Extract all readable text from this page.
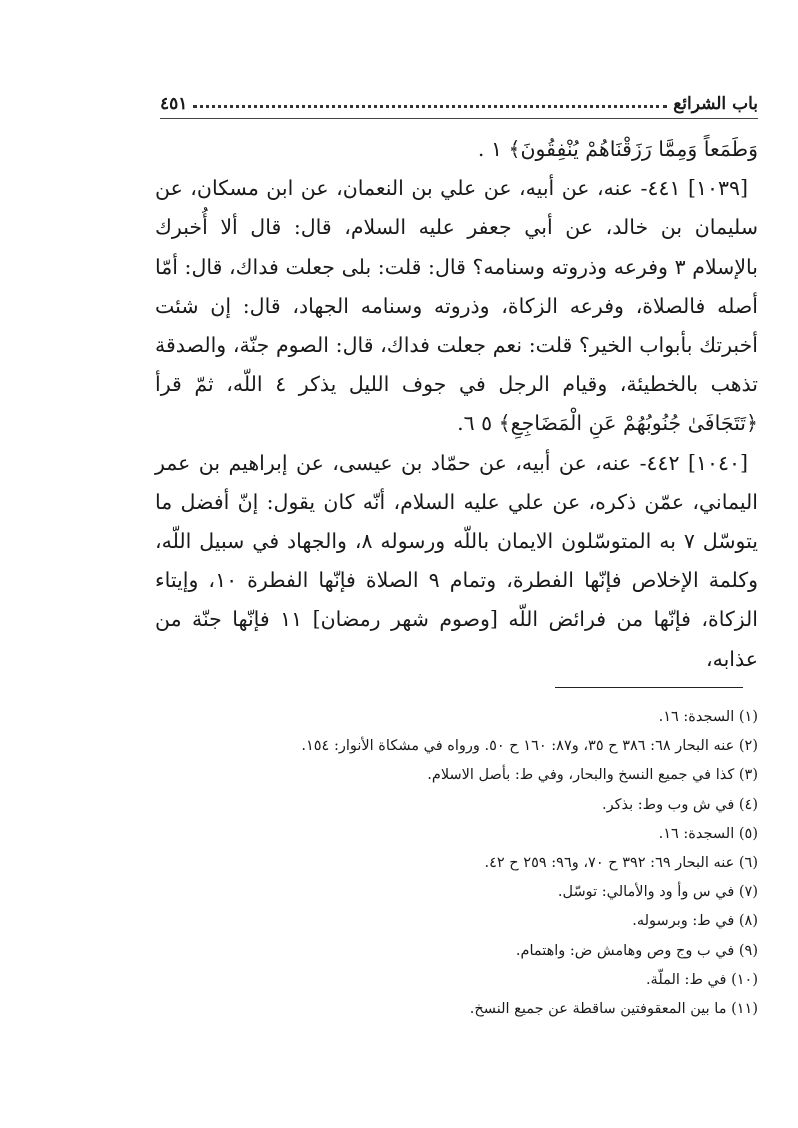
باب الشرائع
٤٥١

وَطَمَعاً وَمِمَّا رَزَقْنَاهُمْ يُنْفِقُونَ﴾ ١ .

[١٠٣٩] ٤٤١- عنه، عن أبيه، عن علي بن النعمان، عن ابن مسكان، عن سليمان بن خالد، عن أبي جعفر عليه السلام، قال: قال ألا أُخبرك بالإسلام ٣ وفرعه وذروته وسنامه؟ قال: قلت: بلى جعلت فداك، قال: أمّا أصله فالصلاة، وفرعه الزكاة، وذروته وسنامه الجهاد، قال: إن شئت أخبرتك بأبواب الخير؟ قلت: نعم جعلت فداك، قال: الصوم جنّة، والصدقة تذهب بالخطيئة، وقيام الرجل في جوف الليل يذكر ٤ اللّه، ثمّ قرأ ﴿تَتَجَافَىٰ جُنُوبُهُمْ عَنِ الْمَضَاجِعِ﴾ ٥ ٦.

[١٠٤٠] ٤٤٢- عنه، عن أبيه، عن حمّاد بن عيسى، عن إبراهيم بن عمر اليماني، عمّن ذكره، عن علي عليه السلام، أنّه كان يقول: إنّ أفضل ما يتوسّل ٧ به المتوسّلون الايمان باللّه ورسوله ٨، والجهاد في سبيل اللّه، وكلمة الإخلاص فإنّها الفطرة، وتمام ٩ الصلاة فإنّها الفطرة ١٠، وإيتاء الزكاة، فإنّها من فرائض اللّه [وصوم شهر رمضان] ١١ فإنّها جنّة من عذابه،

(١) السجدة: ١٦.
(٢) عنه البحار ٦٨: ٣٨٦ ح ٣٥، و٨٧: ١٦٠ ح ٥٠. ورواه في مشكاة الأنوار: ١٥٤.
(٣) كذا في جميع النسخ والبحار، وفي ط: بأصل الاسلام.
(٤) في ش وب وط: بذكر.
(٥) السجدة: ١٦.
(٦) عنه البحار ٦٩: ٣٩٢ ح ٧٠، و٩٦: ٢٥٩ ح ٤٢.
(٧) في س وأ ود والأمالي: توسّل.
(٨) في ط: وبرسوله.
(٩) في ب وج وص وهامش ض: واهتمام.
(١٠) في ط: الملّة.
(١١) ما بين المعقوفتين ساقطة عن جميع النسخ.
